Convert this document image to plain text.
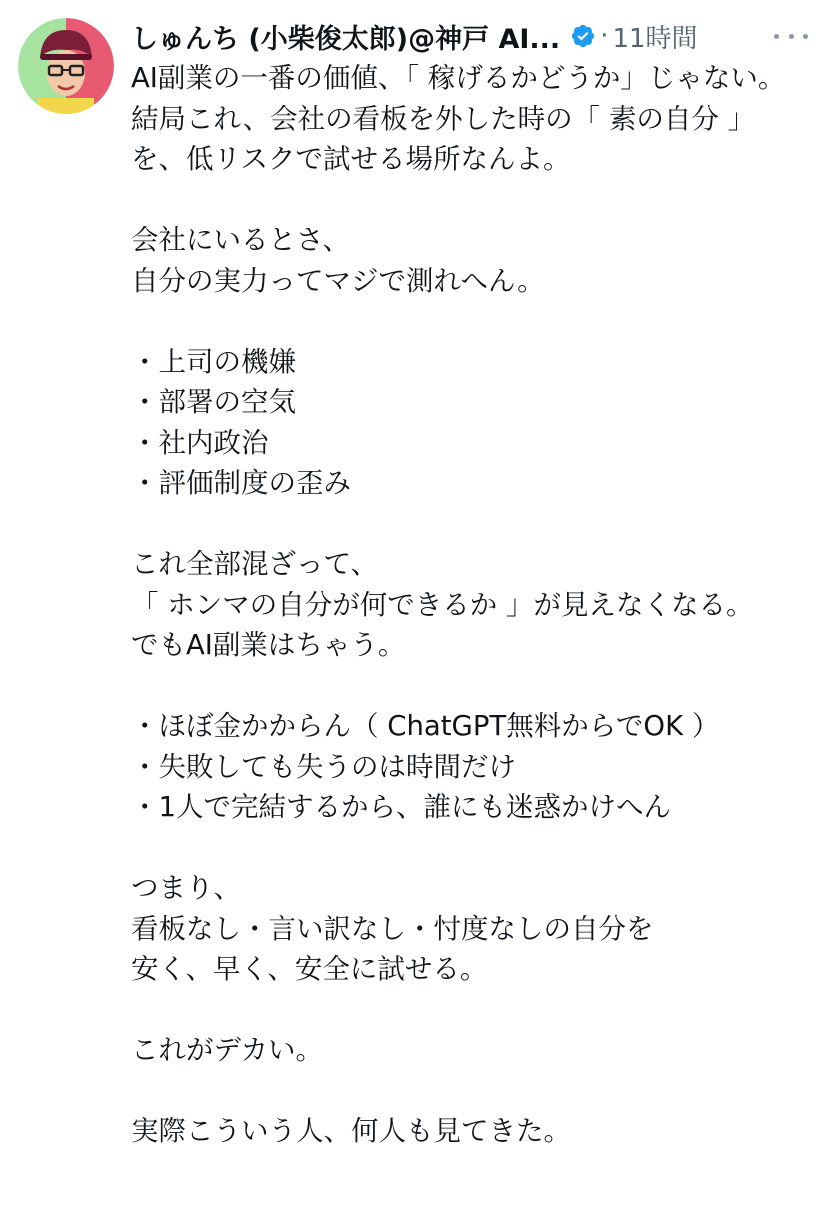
しゅんち (小柴俊太郎)@神戸 AI... · 11時間
AI副業の一番の価値、「 稼げるかどうか」じゃない。
結局これ、会社の看板を外した時の「 素の自分 」
を、低リスクで試せる場所なんよ。
会社にいるとさ、
自分の実力ってマジで測れへん。
・上司の機嫌
・部署の空気
・社内政治
・評価制度の歪み
これ全部混ざって、
「 ホンマの自分が何できるか 」が見えなくなる。
でもAI副業はちゃう。
・ほぼ金かからん（ ChatGPT無料からでOK ）
・失敗しても失うのは時間だけ
・1人で完結するから、誰にも迷惑かけへん
つまり、
看板なし・言い訳なし・忖度なしの自分を
安く、早く、安全に試せる。
これがデカい。
実際こういう人、何人も見てきた。
